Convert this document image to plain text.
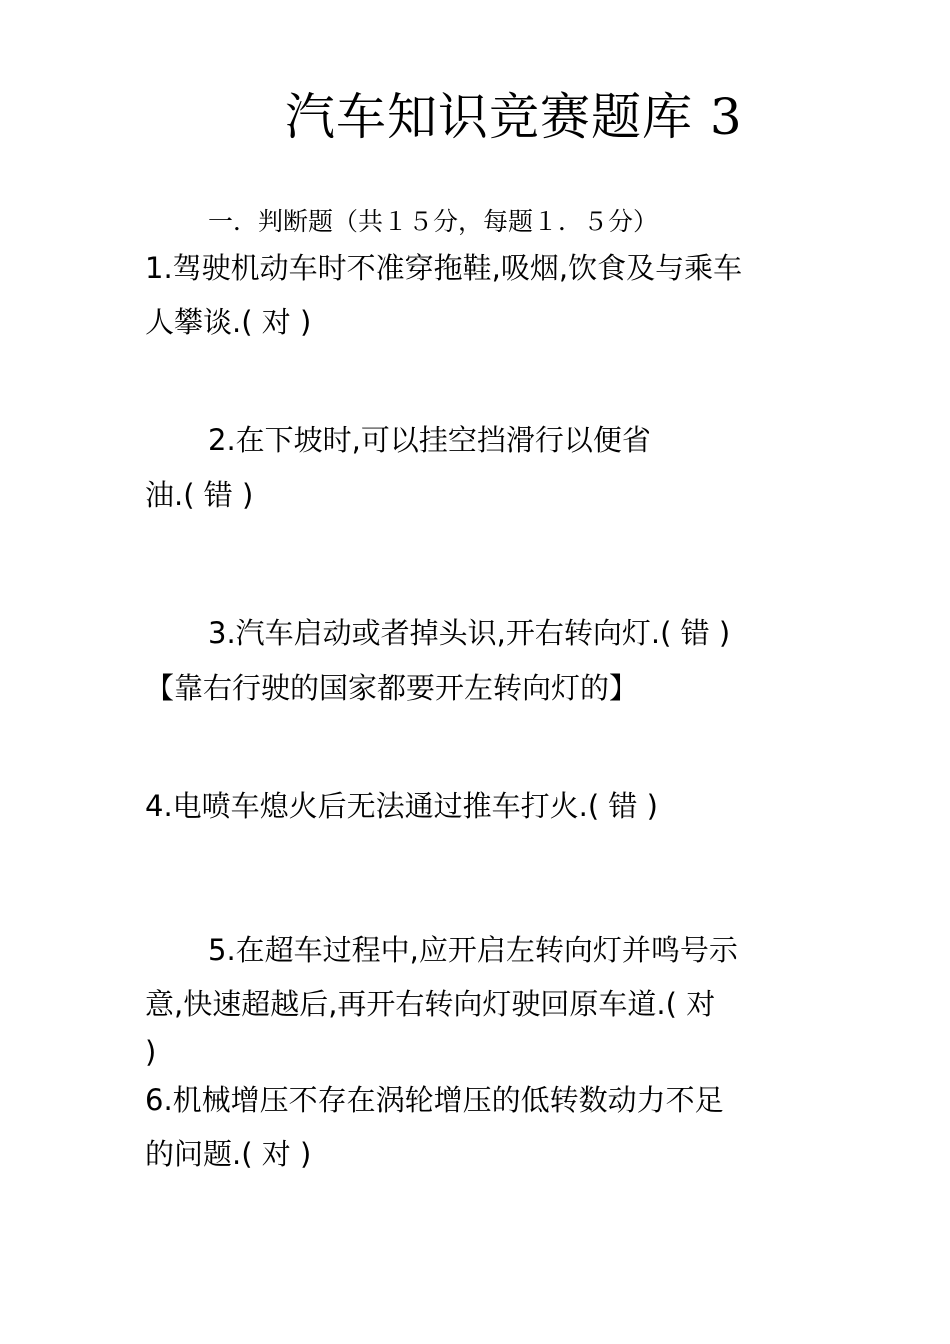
汽车知识竞赛题库 3
一．判断题（共１５分，每题１．５分）
1.驾驶机动车时不准穿拖鞋,吸烟,饮食及与乘车
人攀谈.( 对 )
2.在下坡时,可以挂空挡滑行以便省
油.( 错 )
3.汽车启动或者掉头识,开右转向灯.( 错 )
【靠右行驶的国家都要开左转向灯的】
4.电喷车熄火后无法通过推车打火.( 错 )
5.在超车过程中,应开启左转向灯并鸣号示
意,快速超越后,再开右转向灯驶回原车道.( 对
)
6.机械增压不存在涡轮增压的低转数动力不足
的问题.( 对 )
